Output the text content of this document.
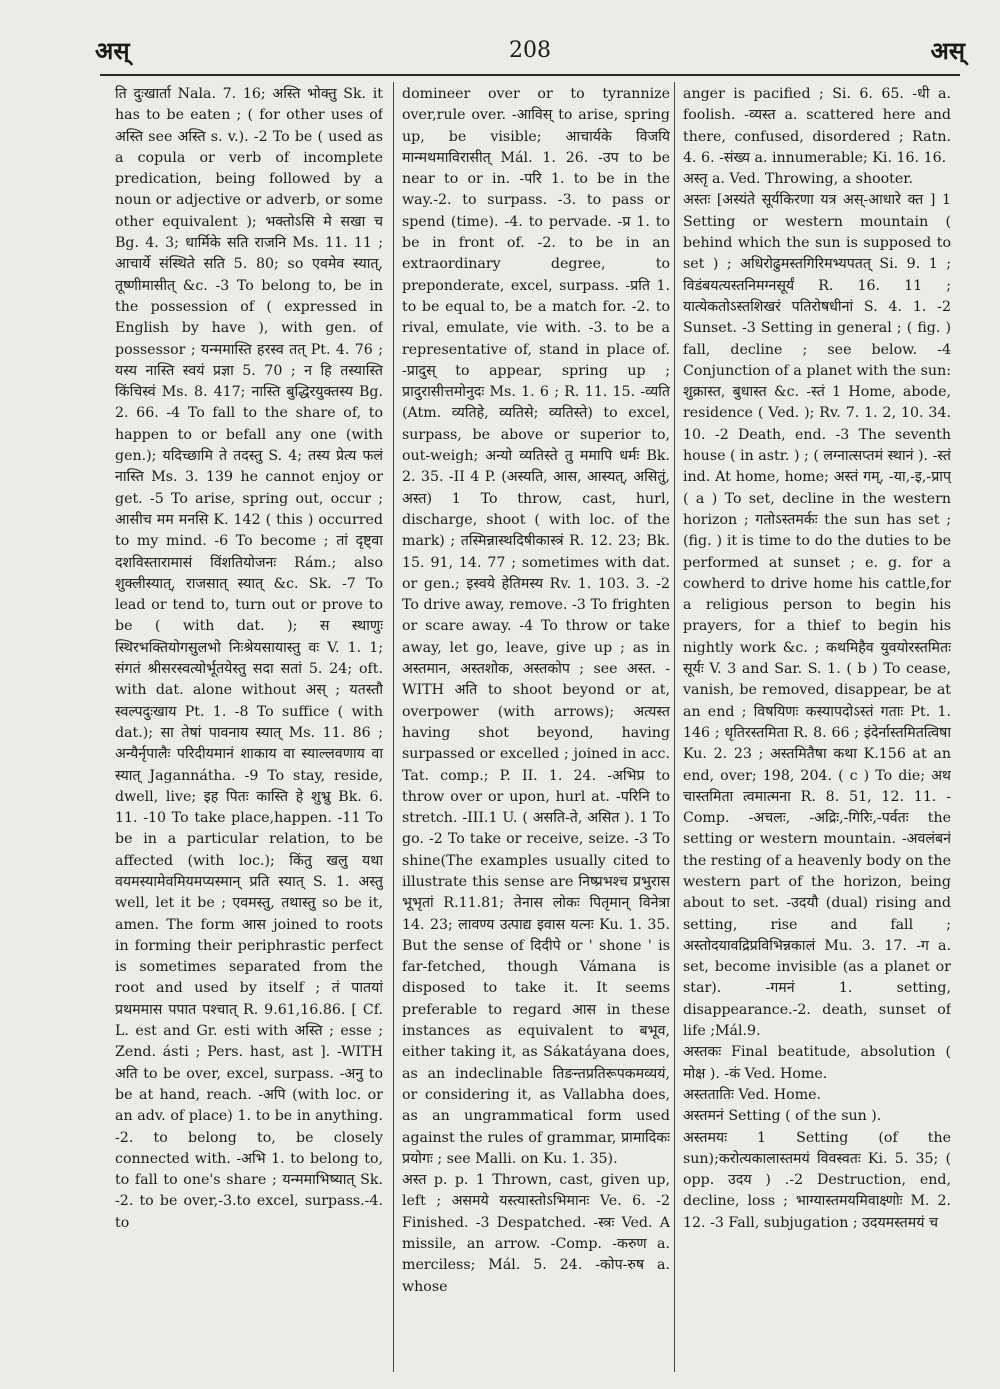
अस्	208	अस्

ति दुःखार्ता Nala. 7. 16; अस्ति भोक्तु Sk. it has to be eaten ; ( for other uses of अस्ति see अस्ति s. v.). -2 To be ( used as a copula or verb of incomplete predication, being followed by a noun or adjective or adverb, or some other equivalent ); भक्तोऽसि मे सखा च Bg. 4. 3; धार्मिके सति राजनि Ms. 11. 11 ; आचार्ये संस्थिते सति 5. 80; so एवमेव स्यात्, तूष्णीमासीत् &c. -3 To belong to, be in the possession of ( expressed in English by have ), with gen. of possessor ; यन्ममास्ति हरस्व तत् Pt. 4. 76 ; यस्य नास्ति स्वयं प्रज्ञा 5. 70 ; न हि तस्यास्ति किंचिस्वं Ms. 8. 417; नास्ति बुद्धिरयुक्तस्य Bg. 2. 66. -4 To fall to the share of, to happen to or befall any one (with gen.); यदिच्छामि ते तदस्तु S. 4; तस्य प्रेत्य फलं नास्ति Ms. 3. 139 he cannot enjoy or get. -5 To arise, spring out, occur ; आसीच मम मनसि K. 142 ( this ) occurred to my mind. -6 To become ; तां दृष्ट्वा दशविस्तारामासं विंशतियोजनः Rám.; also शुक्लीस्यात्, राजसात् स्यात् &c. Sk. -7 To lead or tend to, turn out or prove to be ( with dat. ); स स्थाणुः स्थिरभक्तियोगसुलभो निःश्रेयसायास्तु वः V. 1. 1; संगतं श्रीसरस्वत्योर्भूतयेस्तु सदा सतां 5. 24; oft. with dat. alone without अस् ; यतस्तौ स्वल्पदुःखाय Pt. 1. -8 To suffice ( with dat.); सा तेषां पावनाय स्यात् Ms. 11. 86 ; अन्यैर्नृपालैः परिदीयमानं शाकाय वा स्याल्लवणाय वा स्यात् Jagannátha. -9 To stay, reside, dwell, live; इह पितः कास्ति हे शुभ्रु Bk. 6. 11. -10 To take place,happen. -11 To be in a particular relation, to be affected (with loc.); किंतु खलु यथा वयमस्यामेवमियमप्यस्मान् प्रति स्यात् S. 1. अस्तु well, let it be ; एवमस्तु, तथास्तु so be it, amen. The form आस joined to roots in forming their periphrastic perfect is sometimes separated from the root and used by itself ; तं पातयां प्रथममास पपात पश्चात् R. 9.61,16.86. [ Cf. L. est and Gr. esti with अस्ति ; esse ; Zend. ásti ; Pers. hast, ast ]. -WITH अति to be over, excel, surpass. -अनु to be at hand, reach. -अपि (with loc. or an adv. of place) 1. to be in anything. -2. to belong to, be closely connected with. -अभि 1. to belong to, to fall to one's share ; यन्ममाभिष्यात् Sk. -2. to be over,-3.to excel, surpass.-4. to

domineer over or to tyrannize over,rule over. -आविस् to arise, spring up, be visible; आचार्यके विजयि मान्मथमाविरासीत् Mál. 1. 26. -उप to be near to or in. -परि 1. to be in the way.-2. to surpass. -3. to pass or spend (time). -4. to pervade. -प्र 1. to be in front of. -2. to be in an extraordinary degree, to preponderate, excel, surpass. -प्रति 1. to be equal to, be a match for. -2. to rival, emulate, vie with. -3. to be a representative of, stand in place of. -प्रादुस् to appear, spring up ; प्रादुरासीत्तमोनुदः Ms. 1. 6 ; R. 11. 15. -व्यति (Atm. व्यतिहे, व्यतिसे; व्यतिस्ते) to excel, surpass, be above or superior to, out-weigh; अन्यो व्यतिस्ते तु ममापि धर्मः Bk. 2. 35. -II 4 P. (अस्यति, आस, आस्यत्, असितुं, अस्त) 1 To throw, cast, hurl, discharge, shoot ( with loc. of the mark) ; तस्मिन्नास्थदिषीकास्त्रं R. 12. 23; Bk. 15. 91, 14. 77 ; sometimes with dat. or gen.; इस्वये हेतिमस्य Rv. 1. 103. 3. -2 To drive away, remove. -3 To frighten or scare away. -4 To throw or take away, let go, leave, give up ; as in अस्तमान, अस्तशोक, अस्तकोप ; see अस्त. -WITH अति to shoot beyond or at, overpower (with arrows); अत्यस्त having shot beyond, having surpassed or excelled ; joined in acc. Tat. comp.; P. II. 1. 24. -अभिप्र to throw over or upon, hurl at. -परिनि to stretch. -III.1 U. ( असति-ते, असित ). 1 To go. -2 To take or receive, seize. -3 To shine(The examples usually cited to illustrate this sense are निष्प्रभश्च प्रभुरास भूभृतां R.11.81; तेनास लोकः पितृमान् विनेत्रा 14. 23; लावण्य उत्पाद्य इवास यत्नः Ku. 1. 35. But the sense of दिदीपे or ' shone ' is far-fetched, though Vámana is disposed to take it. It seems preferable to regard आस in these instances as equivalent to बभूव, either taking it, as Sákatáyana does, as an indeclinable तिङन्तप्रतिरूपकमव्ययं, or considering it, as Vallabha does, as an ungrammatical form used against the rules of grammar, प्रामादिकः प्रयोगः ; see Malli. on Ku. 1. 35).

अस्त p. p. 1 Thrown, cast, given up, left ; असमये यस्त्यास्तोऽभिमानः Ve. 6. -2 Finished. -3 Despatched. -स्त्रः Ved. A missile, an arrow. -Comp. -करुण a. merciless; Mál. 5. 24. -कोप-रुष a. whose

anger is pacified ; Si. 6. 65. -धी a. foolish. -व्यस्त a. scattered here and there, confused, disordered ; Ratn. 4. 6. -संख्य a. innumerable; Ki. 16. 16.

अस्तृ a. Ved. Throwing, a shooter.

अस्तः [अस्यंते सूर्यकिरणा यत्र अस्-आधारे क्त ] 1 Setting or western mountain ( behind which the sun is supposed to set ) ; अधिरोढुमस्तगिरिमभ्यपतत् Si. 9. 1 ; विडंबयत्यस्तनिमग्नसूर्यं R. 16. 11 ; यात्येकतोऽस्तशिखरं पतिरोषधीनां S. 4. 1. -2 Sunset. -3 Setting in general ; ( fig. ) fall, decline ; see below. -4 Conjunction of a planet with the sun: शुक्रास्त, बुधास्त &c. -स्तं 1 Home, abode, residence ( Ved. ); Rv. 7. 1. 2, 10. 34. 10. -2 Death, end. -3 The seventh house ( in astr. ) ; ( लग्नात्सप्तमं स्थानं ). -स्तं ind. At home, home; अस्तं गम्, -या,-इ,-प्राप् ( a ) To set, decline in the western horizon ; गतोऽस्तमर्कः the sun has set ; (fig. ) it is time to do the duties to be performed at sunset ; e. g. for a cowherd to drive home his cattle,for a religious person to begin his prayers, for a thief to begin his nightly work &c. ; कथमिहैव युवयोरस्तमितः सूर्यः V. 3 and Sar. S. 1. ( b ) To cease, vanish, be removed, disappear, be at an end ; विषयिणः कस्यापदोऽस्तं गताः Pt. 1. 146 ; धृतिरस्तमिता R. 8. 66 ; इंदेर्नास्तमितत्विषा Ku. 2. 23 ; अस्तमितैषा कथा K.156 at an end, over; 198, 204. ( c ) To die; अथ चास्तमिता त्वमात्मना R. 8. 51, 12. 11. -Comp. -अचलः, -अद्रिः,-गिरिः,-पर्वतः the setting or western mountain. -अवलंबनं the resting of a heavenly body on the western part of the horizon, being about to set. -उदयौ (dual) rising and setting, rise and fall ; अस्तोदयावद्रिप्रविभिन्नकालं Mu. 3. 17. -ग a. set, become invisible (as a planet or star). -गमनं 1. setting, disappearance.-2. death, sunset of life ;Mál.9.

अस्तकः Final beatitude, absolution ( मोक्ष ). -कं Ved. Home.

अस्ततातिः Ved. Home.

अस्तमनं Setting ( of the sun ).

अस्तमयः 1 Setting (of the sun);करोत्यकालास्तमयं विवस्वतः Ki. 5. 35; ( opp. उदय ) .-2 Destruction, end, decline, loss ; भाग्यास्तमयमिवाक्ष्णोः M. 2. 12. -3 Fall, subjugation ; उदयमस्तमयं च
